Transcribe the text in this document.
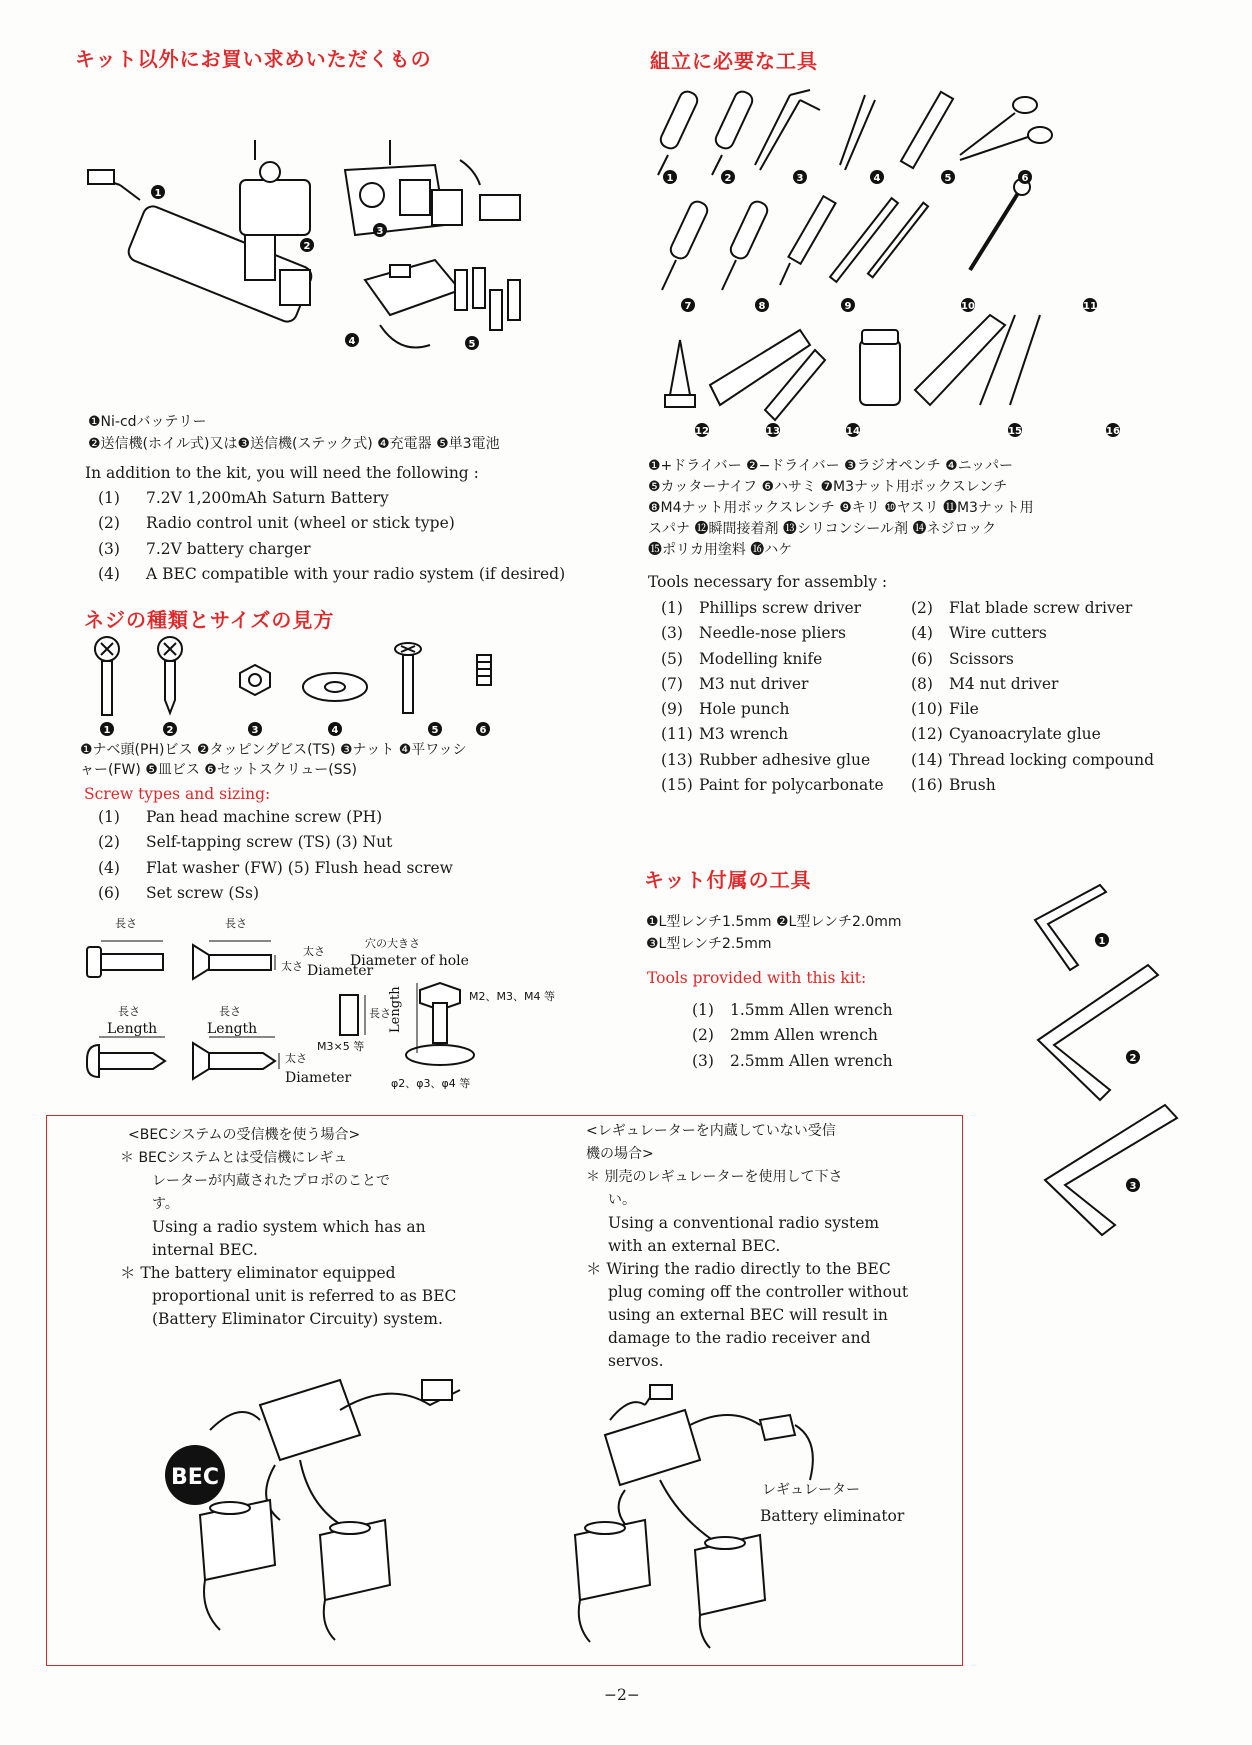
キット以外にお買い求めいただくもの
1
2
3
4	5
❶Ni-cdバッテリー
❷送信機(ホイル式)又は❸送信機(ステック式) ❹充電器 ❺単3電池
In addition to the kit, you will need the following :
(1) 7.2V 1,200mAh Saturn Battery
(2) Radio control unit (wheel or stick type)
(3) 7.2V battery charger
(4) A BEC compatible with your radio system (if desired)
ネジの種類とサイズの見方
1	2	3	4	5	6
❶ナベ頭(PH)ビス ❷タッピングビス(TS) ❸ナット ❹平ワッシ
ャー(FW) ❺皿ビス ❻セットスクリュー(SS)
Screw types and sizing:
(1) Pan head machine screw (PH)
(2) Self-tapping screw (TS) (3) Nut
(4) Flat washer (FW) (5) Flush head screw
(6) Set screw (Ss)
長さ	長さ
太さ
太さ
Diameter
穴の大きさ
Diameter of hole
M2、M3、M4 等
長さ
Length
長さ
Length
長さ
Length
太さ
Diameter
M3×5 等
φ2、φ3、φ4 等
組立に必要な工具
1	2	3	4	5	6
7	8	9	10	11
12	13	14	15	16
❶+ドライバー ❷−ドライバー ❸ラジオペンチ ❹ニッパー
❺カッターナイフ ❻ハサミ ❼M3ナット用ボックスレンチ
❽M4ナット用ボックスレンチ ❾キリ ❿ヤスリ ⓫M3ナット用
スパナ ⓬瞬間接着剤 ⓭シリコンシール剤 ⓮ネジロック
⓯ポリカ用塗料 ⓰ハケ
Tools necessary for assembly :
(1) Phillips screw driver	(2) Flat blade screw driver
(3) Needle-nose pliers	(4) Wire cutters
(5) Modelling knife	(6) Scissors
(7) M3 nut driver	(8) M4 nut driver
(9) Hole punch	(10) File
(11) M3 wrench	(12) Cyanoacrylate glue
(13) Rubber adhesive glue	(14) Thread locking compound
(15) Paint for polycarbonate	(16) Brush
キット付属の工具
❶L型レンチ1.5mm ❷L型レンチ2.0mm
❸L型レンチ2.5mm
Tools provided with this kit:
(1) 1.5mm Allen wrench
(2) 2mm Allen wrench
(3) 2.5mm Allen wrench
1
2
3
<BECシステムの受信機を使う場合>
＊ BECシステムとは受信機にレギュ
レーターが内蔵されたプロポのことで
す。
Using a radio system which has an
internal BEC.
＊ The battery eliminator equipped
proportional unit is referred to as BEC
(Battery Eliminator Circuity) system.
<レギュレーターを内蔵していない受信
機の場合>
＊ 別売のレギュレーターを使用して下さ
い。
Using a conventional radio system
with an external BEC.
＊ Wiring the radio directly to the BEC
plug coming off the controller without
using an external BEC will result in
damage to the radio receiver and
servos.
BEC	レギュレーター
Battery eliminator
−2−
